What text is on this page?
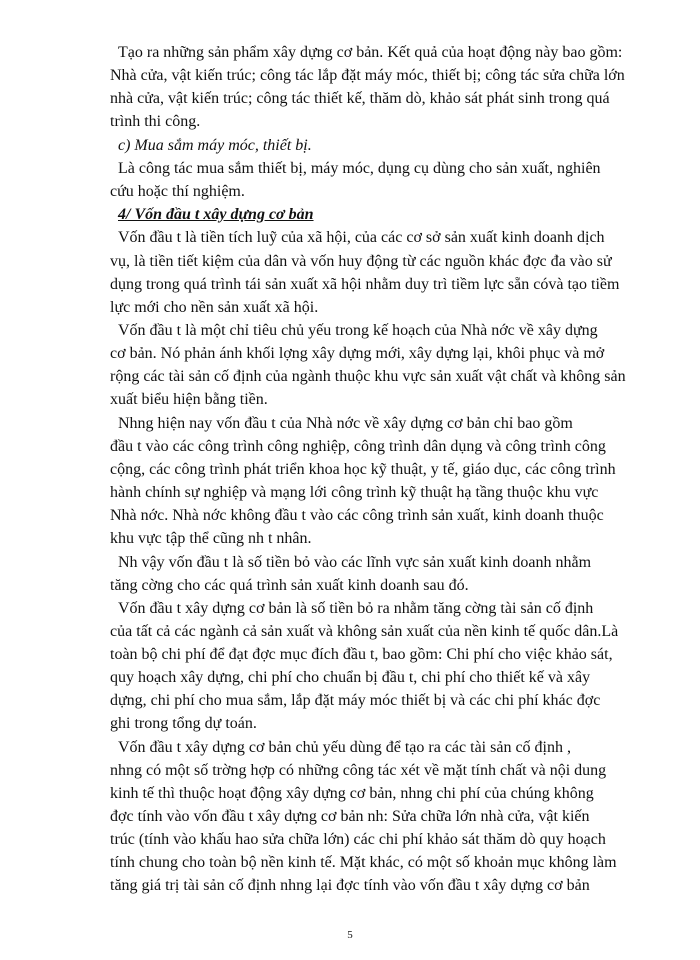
Tạo ra những sản phẩm xây dựng cơ bản. Kết quả của hoạt động này bao gồm:
Nhà cửa, vật kiến trúc; công tác lắp đặt máy móc, thiết bị; công tác sửa chữa lớn
nhà cửa, vật kiến trúc; công tác thiết kế, thăm dò, khảo sát phát sinh trong quá
trình thi công.
c) Mua sắm máy móc, thiết bị.
Là công tác mua sắm thiết bị, máy móc, dụng cụ dùng cho sản xuất, nghiên
cứu hoặc thí nghiệm.
4/ Vốn đầu t xây dựng cơ bản
Vốn đầu t là tiền tích luỹ của xã hội, của các cơ sở sản xuất kinh doanh dịch
vụ, là tiền tiết kiệm của dân và vốn huy động từ các nguồn khác đợc đa vào sử
dụng trong quá trình tái sản xuất xã hội nhằm duy trì tiềm lực sẵn cóvà tạo tiềm
lực mới cho nền sản xuất xã hội.
Vốn đầu t là một chỉ tiêu chủ yếu trong kế hoạch của Nhà nớc về xây dựng
cơ bản. Nó phản ánh khối lợng xây dựng mới, xây dựng lại, khôi phục và mở
rộng các tài sản cố định của ngành thuộc khu vực sản xuất vật chất và không sản
xuất biểu hiện bằng tiền.
Nhng hiện nay vốn đầu t của Nhà nớc về xây dựng cơ bản chỉ bao gồm
đầu t vào các công trình công nghiệp, công trình dân dụng và công trình công
cộng, các công trình phát triển khoa học kỹ thuật, y tế, giáo dục, các công trình
hành chính sự nghiệp và mạng lới công trình kỹ thuật hạ tầng thuộc khu vực
Nhà nớc. Nhà nớc không đầu t vào các công trình sản xuất, kinh doanh thuộc
khu vực tập thể cũng nh t nhân.
Nh vậy vốn đầu t là số tiền bỏ vào các lĩnh vực sản xuất kinh doanh nhằm
tăng cờng cho các quá trình sản xuất kinh doanh sau đó.
Vốn đầu t xây dựng cơ bản là số tiền bỏ ra nhằm tăng cờng tài sản cố định
của tất cả các ngành cả sản xuất và không sản xuất của nền kinh tế quốc dân.Là
toàn bộ chi phí để đạt đợc mục đích đầu t, bao gồm: Chi phí cho việc khảo sát,
quy hoạch xây dựng, chi phí cho chuẩn bị đầu t, chi phí cho thiết kế và xây
dựng, chi phí cho mua sắm, lắp đặt máy móc thiết bị và các chi phí khác đợc
ghi trong tổng dự toán.
Vốn đầu t xây dựng cơ bản chủ yếu dùng để tạo ra các tài sản cố định ,
nhng có một số trờng hợp có những công tác xét về mặt tính chất và nội dung
kinh tế thì thuộc hoạt động xây dựng cơ bản, nhng chi phí của chúng không
đợc tính vào vốn đầu t xây dựng cơ bản nh: Sửa chữa lớn nhà cửa, vật kiến
trúc (tính vào khấu hao sửa chữa lớn) các chi phí khảo sát thăm dò quy hoạch
tính chung cho toàn bộ nền kinh tế. Mặt khác, có một số khoản mục không làm
tăng giá trị tài sản cố định nhng lại đợc tính vào vốn đầu t xây dựng cơ bản
5
